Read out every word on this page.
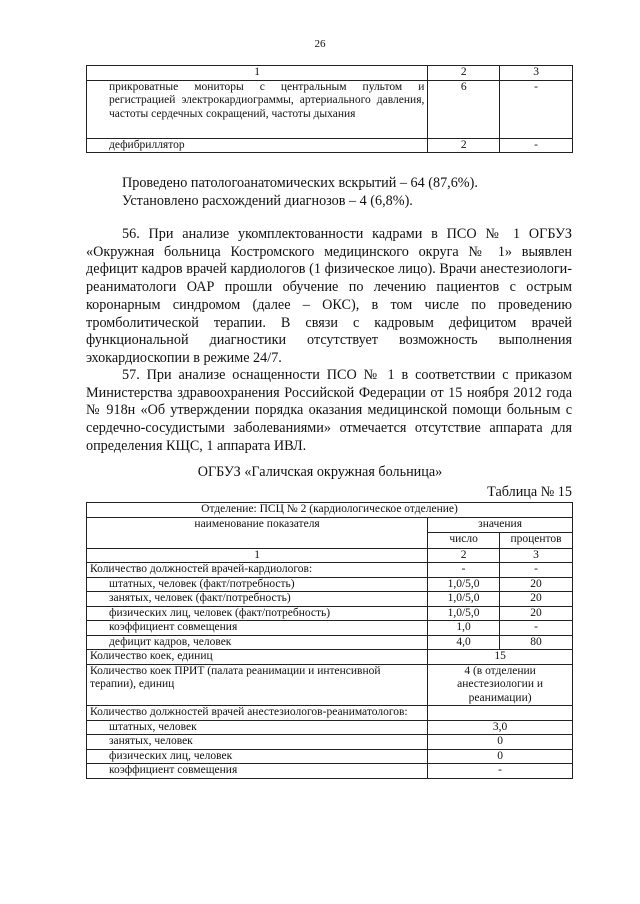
26
1	2	3
прикроватные мониторы с центральным пультом и регистрацией электрокардиограммы, артериального давления, частоты сердечных сокращений, частоты дыхания	6	-
дефибриллятор	2	-
Проведено патологоанатомических вскрытий – 64 (87,6%).
Установлено расхождений диагнозов – 4 (6,8%).
56. При анализе укомплектованности кадрами в ПСО № 1 ОГБУЗ «Окружная больница Костромского медицинского округа № 1» выявлен дефицит кадров врачей кардиологов (1 физическое лицо). Врачи анестезиологи-реаниматологи ОАР прошли обучение по лечению пациентов с острым коронарным синдромом (далее – ОКС), в том числе по проведению тромболитической терапии. В связи с кадровым дефицитом врачей функциональной диагностики отсутствует возможность выполнения эхокардиоскопии в режиме 24/7.
57. При анализе оснащенности ПСО № 1 в соответствии с приказом Министерства здравоохранения Российской Федерации от 15 ноября 2012 года № 918н «Об утверждении порядка оказания медицинской помощи больным с сердечно-сосудистыми заболеваниями» отмечается отсутствие аппарата для определения КЩС, 1 аппарата ИВЛ.
ОГБУЗ «Галичская окружная больница»
Таблица № 15
Отделение: ПСЦ № 2 (кардиологическое отделение)		
наименование показателя	значения	
	число	процентов
1	2	3
Количество должностей врачей-кардиологов:	-	-
штатных, человек (факт/потребность)	1,0/5,0	20
занятых, человек (факт/потребность)	1,0/5,0	20
физических лиц, человек (факт/потребность)	1,0/5,0	20
коэффициент совмещения	1,0	-
дефицит кадров, человек	4,0	80
Количество коек, единиц	15	
Количество коек ПРИТ (палата реанимации и интенсивной терапии), единиц	4 (в отделении анестезиологии и реанимации)	
Количество должностей врачей анестезиологов-реаниматологов:		
штатных, человек	3,0	
занятых, человек	0	
физических лиц, человек	0	
коэффициент совмещения	-	
